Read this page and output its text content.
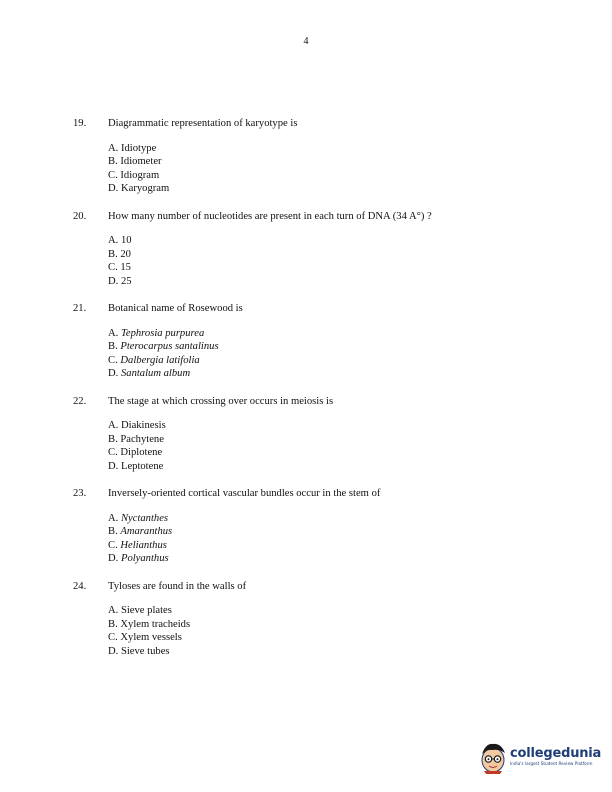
4
19.	Diagrammatic representation of karyotype is
A. Idiotype
B. Idiometer
C. Idiogram
D. Karyogram
20.	How many number of nucleotides are present in each turn of DNA (34 A°) ?
A. 10
B. 20
C. 15
D. 25
21.	Botanical name of Rosewood is
A. Tephrosia purpurea
B. Pterocarpus santalinus
C. Dalbergia latifolia
D. Santalum album
22.	The stage at which crossing over occurs in meiosis is
A. Diakinesis
B. Pachytene
C. Diplotene
D. Leptotene
23.	Inversely-oriented cortical vascular bundles occur in the stem of
A. Nyctanthes
B. Amaranthus
C. Helianthus
D. Polyanthus
24.	Tyloses are found in the walls of
A. Sieve plates
B. Xylem tracheids
C. Xylem vessels
D. Sieve tubes
collegedunia
India's largest Student Review Platform
